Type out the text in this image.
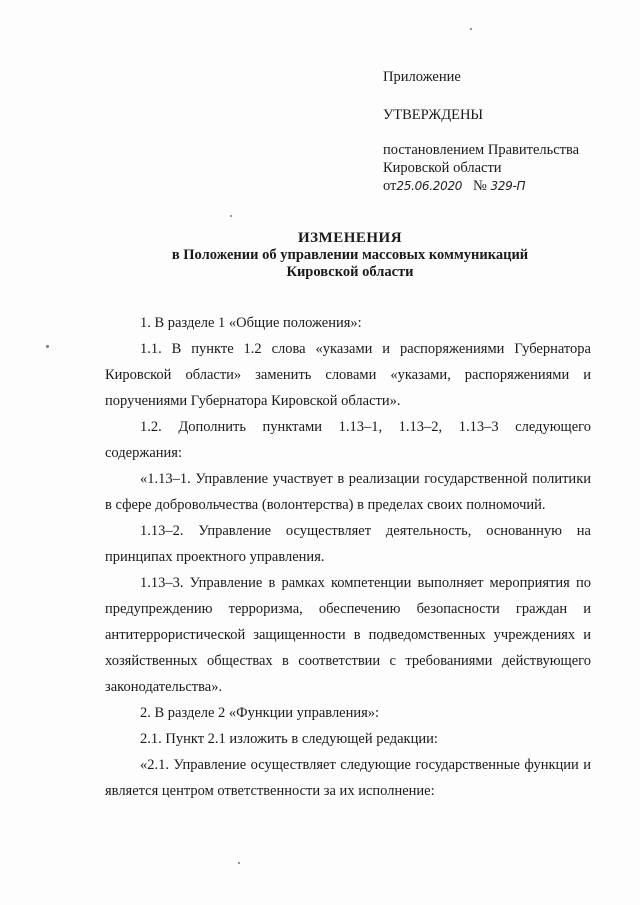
Приложение
УТВЕРЖДЕНЫ
постановлением Правительства
Кировской области
от25.06.2020 № 329-П
ИЗМЕНЕНИЯ
в Положении об управлении массовых коммуникаций
Кировской области

1. В разделе 1 «Общие положения»:

1.1. В пункте 1.2 слова «указами и распоряжениями Губернатора Кировской области» заменить словами «указами, распоряжениями и поручениями Губернатора Кировской области».

1.2. Дополнить пунктами 1.13–1, 1.13–2, 1.13–3 следующего содержания:

«1.13–1. Управление участвует в реализации государственной политики в сфере добровольчества (волонтерства) в пределах своих полномочий.

1.13–2. Управление осуществляет деятельность, основанную на принципах проектного управления.

1.13–3. Управление в рамках компетенции выполняет мероприятия по предупреждению терроризма, обеспечению безопасности граждан и антитеррористической защищенности в подведомственных учреждениях и хозяйственных обществах в соответствии с требованиями действующего законодательства».

2. В разделе 2 «Функции управления»:

2.1. Пункт 2.1 изложить в следующей редакции:

«2.1. Управление осуществляет следующие государственные функции и является центром ответственности за их исполнение:
